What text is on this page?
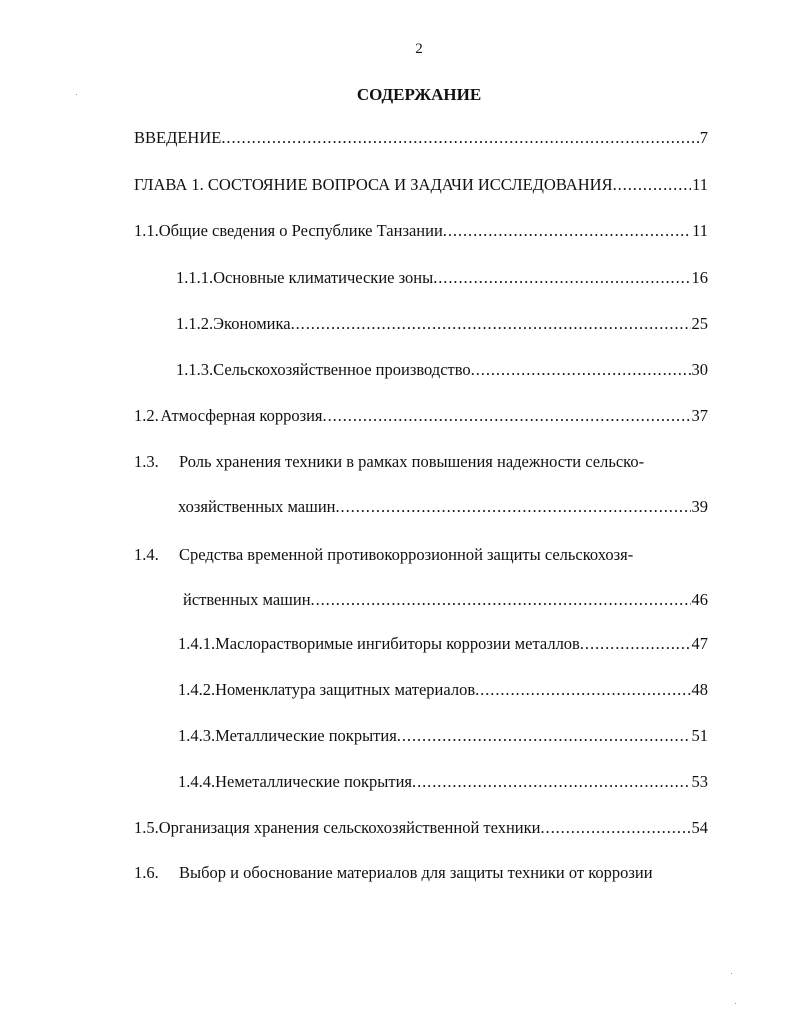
2
СОДЕРЖАНИЕ
ВВЕДЕНИЕ . . .	7
ГЛАВА 1. СОСТОЯНИЕ ВОПРОСА И ЗАДАЧИ ИССЛЕДОВАНИЯ . . .	11
1.1. Общие сведения о Республике Танзании . . .	11
1.1.1. Основные климатические зоны . . .	16
1.1.2. Экономика . . .	25
1.1.3. Сельскохозяйственное производство . . .	30
1.2. Атмосферная коррозия . . .	37
1.3.	Роль хранения техники в рамках повышения надежности сельско-
хозяйственных машин . . .	39
1.4.	Средства временной противокоррозионной защиты сельскохозя-
йственных машин . . .	46
1.4.1. Маслорастворимые ингибиторы коррозии металлов . . .	47
1.4.2. Номенклатура защитных материалов . . .	48
1.4.3. Металлические покрытия . . .	51
1.4.4. Неметаллические покрытия . . .	53
1.5. Организация хранения сельскохозяйственной техники . . .	54
1.6.	Выбор и обоснование материалов для защиты техники от коррозии
